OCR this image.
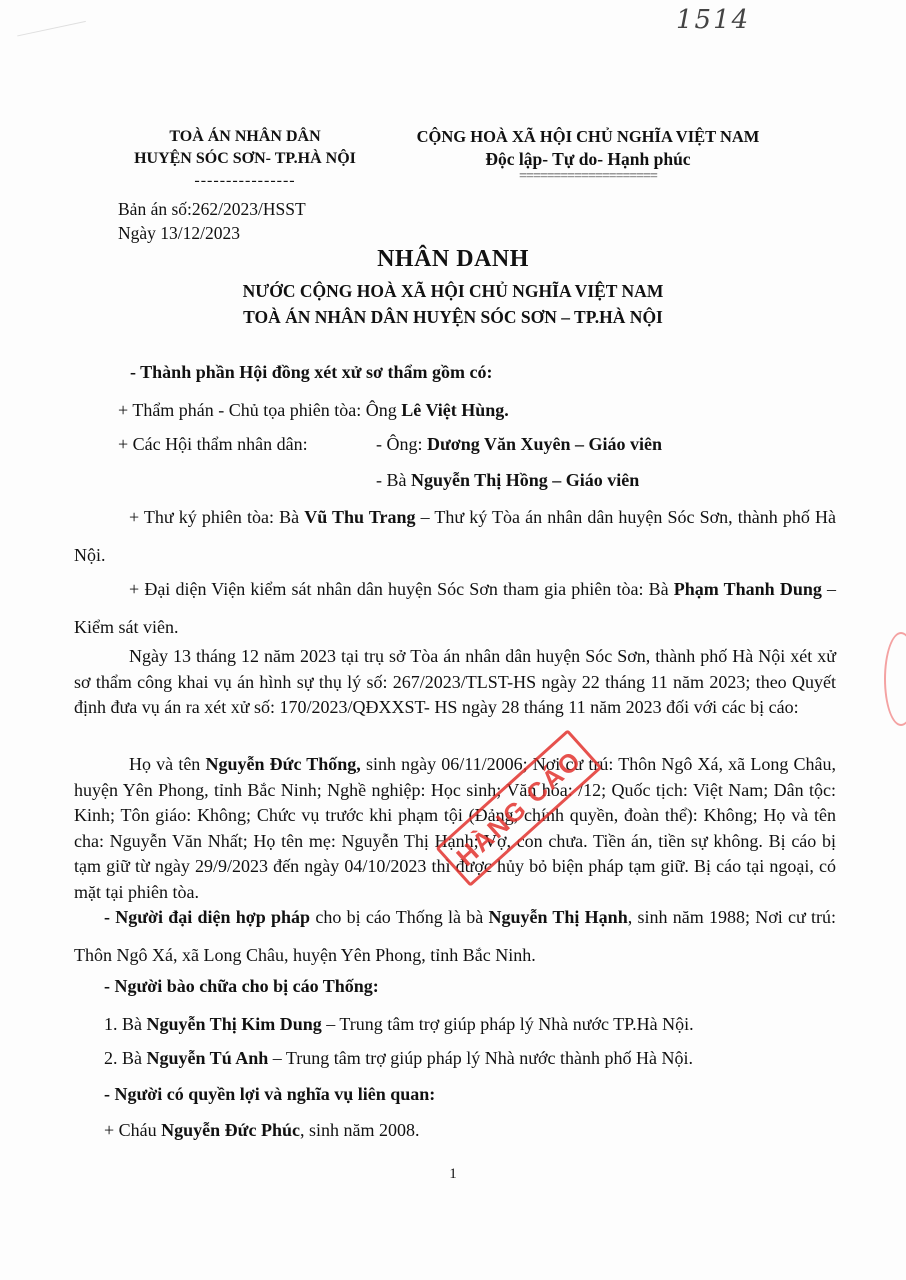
1514
TOÀ ÁN NHÂN DÂN
HUYỆN SÓC SƠN- TP.HÀ NỘI
----------------
CỘNG HOÀ XÃ HỘI CHỦ NGHĨA VIỆT NAM
Độc lập- Tự do- Hạnh phúc
====================
Bản án số:262/2023/HSST
Ngày 13/12/2023
NHÂN DANH
NƯỚC CỘNG HOÀ XÃ HỘI CHỦ NGHĨA VIỆT NAM
TOÀ ÁN NHÂN DÂN HUYỆN SÓC SƠN – TP.HÀ NỘI
- Thành phần Hội đồng xét xử sơ thẩm gồm có:
+ Thẩm phán - Chủ tọa phiên tòa: Ông Lê Việt Hùng.
+ Các Hội thẩm nhân dân:	- Ông: Dương Văn Xuyên – Giáo viên
- Bà Nguyễn Thị Hồng – Giáo viên
+ Thư ký phiên tòa: Bà Vũ Thu Trang – Thư ký Tòa án nhân dân huyện Sóc Sơn, thành phố Hà Nội.
+ Đại diện Viện kiểm sát nhân dân huyện Sóc Sơn tham gia phiên tòa: Bà Phạm Thanh Dung – Kiểm sát viên.
Ngày 13 tháng 12 năm 2023 tại trụ sở Tòa án nhân dân huyện Sóc Sơn, thành phố Hà Nội xét xử sơ thẩm công khai vụ án hình sự thụ lý số: 267/2023/TLST-HS ngày 22 tháng 11 năm 2023; theo Quyết định đưa vụ án ra xét xử số: 170/2023/QĐXXST- HS ngày 28 tháng 11 năm 2023 đối với các bị cáo:
Họ và tên Nguyễn Đức Thống, sinh ngày 06/11/2006; Nơi cư trú: Thôn Ngô Xá, xã Long Châu, huyện Yên Phong, tỉnh Bắc Ninh; Nghề nghiệp: Học sinh; Văn hóa: /12; Quốc tịch: Việt Nam; Dân tộc: Kinh; Tôn giáo: Không; Chức vụ trước khi phạm tội (Đảng, chính quyền, đoàn thể): Không; Họ và tên cha: Nguyễn Văn Nhất; Họ tên mẹ: Nguyễn Thị Hạnh; Vợ, con chưa. Tiền án, tiền sự không. Bị cáo bị tạm giữ từ ngày 29/9/2023 đến ngày 04/10/2023 thì được hủy bỏ biện pháp tạm giữ. Bị cáo tại ngoại, có mặt tại phiên tòa.
- Người đại diện hợp pháp cho bị cáo Thống là bà Nguyễn Thị Hạnh, sinh năm 1988; Nơi cư trú: Thôn Ngô Xá, xã Long Châu, huyện Yên Phong, tỉnh Bắc Ninh.
- Người bào chữa cho bị cáo Thống:
1. Bà Nguyễn Thị Kim Dung – Trung tâm trợ giúp pháp lý Nhà nước TP.Hà Nội.
2. Bà Nguyễn Tú Anh – Trung tâm trợ giúp pháp lý Nhà nước thành phố Hà Nội.
- Người có quyền lợi và nghĩa vụ liên quan:
+ Cháu Nguyễn Đức Phúc, sinh năm 2008.
HÀNG CÁO
1
